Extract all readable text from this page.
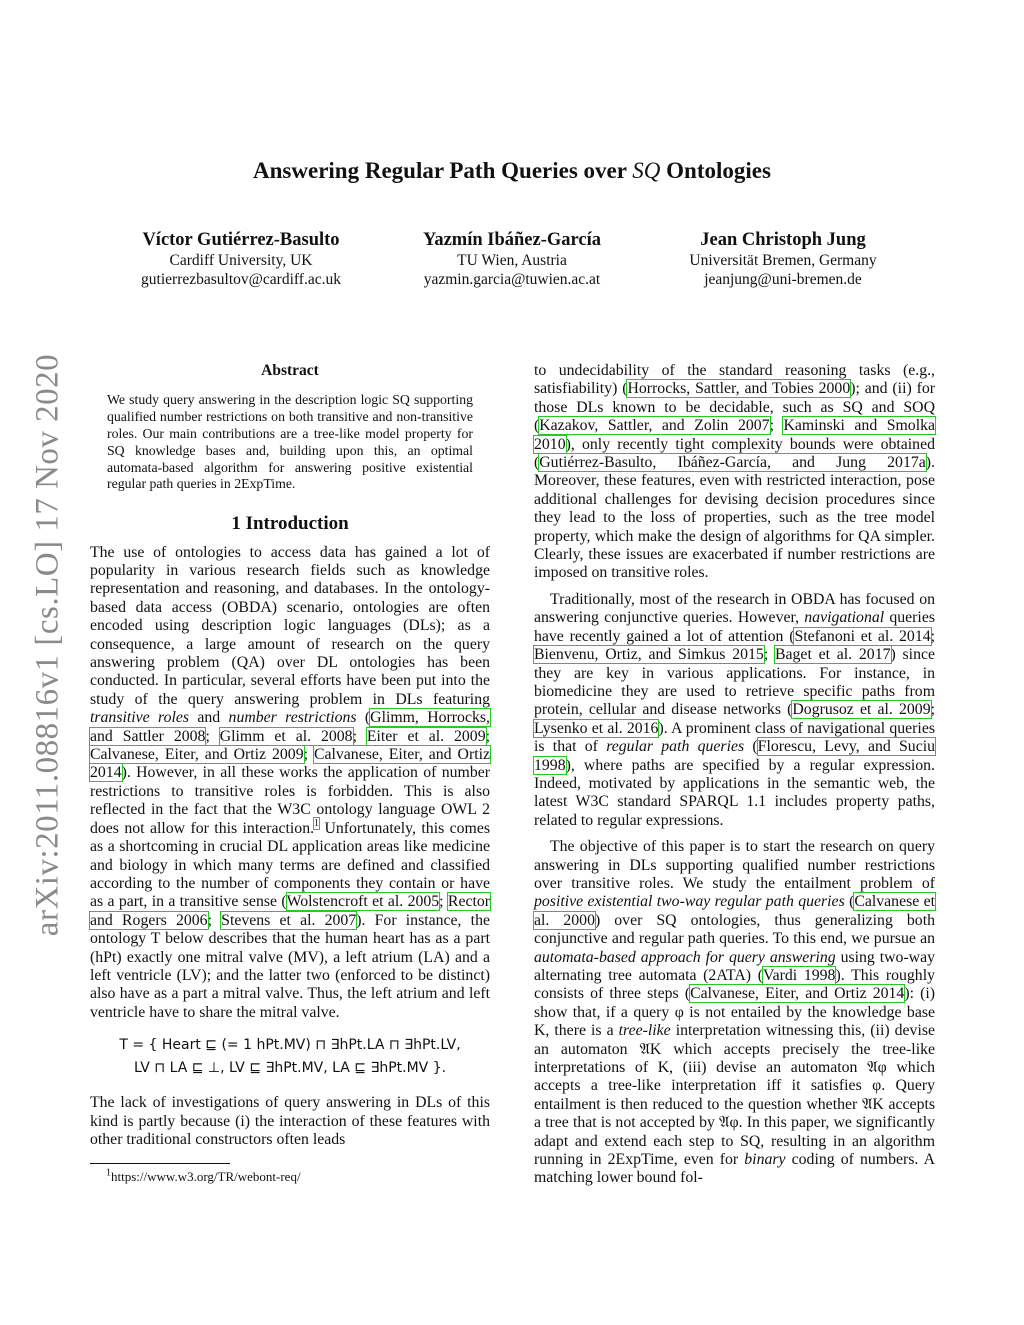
arXiv:2011.08816v1 [cs.LO] 17 Nov 2020
Answering Regular Path Queries over SQ Ontologies
Víctor Gutiérrez-Basulto
Cardiff University, UK
gutierrezbasultov@cardiff.ac.uk
Yazmín Ibáñez-García
TU Wien, Austria
yazmin.garcia@tuwien.ac.at
Jean Christoph Jung
Universität Bremen, Germany
jeanjung@uni-bremen.de
Abstract
We study query answering in the description logic SQ supporting qualified number restrictions on both transitive and non-transitive roles. Our main contributions are a tree-like model property for SQ knowledge bases and, building upon this, an optimal automata-based algorithm for answering positive existential regular path queries in 2ExpTime.
1 Introduction

The use of ontologies to access data has gained a lot of popularity in various research fields such as knowledge representation and reasoning, and databases. In the ontology-based data access (OBDA) scenario, ontologies are often encoded using description logic languages (DLs); as a consequence, a large amount of research on the query answering problem (QA) over DL ontologies has been conducted. In particular, several efforts have been put into the study of the query answering problem in DLs featuring transitive roles and number restrictions (Glimm, Horrocks, and Sattler 2008; Glimm et al. 2008; Eiter et al. 2009; Calvanese, Eiter, and Ortiz 2009; Calvanese, Eiter, and Ortiz 2014). However, in all these works the application of number restrictions to transitive roles is forbidden. This is also reflected in the fact that the W3C ontology language OWL 2 does not allow for this interaction.$^1$ Unfortunately, this comes as a shortcoming in crucial DL application areas like medicine and biology in which many terms are defined and classified according to the number of components they contain or have as a part, in a transitive sense (Wolstencroft et al. 2005; Rector and Rogers 2006; Stevens et al. 2007). For instance, the ontology T below describes that the human heart has as a part (hPt) exactly one mitral valve (MV), a left atrium (LA) and a left ventricle (LV); and the latter two (enforced to be distinct) also have as a part a mitral valve. Thus, the left atrium and left ventricle have to share the mitral valve.

T = { Heart ⊑ (= 1 hPt.MV) ⊓ ∃hPt.LA ⊓ ∃hPt.LV,
LV ⊓ LA ⊑ ⊥, LV ⊑ ∃hPt.MV, LA ⊑ ∃hPt.MV }.

The lack of investigations of query answering in DLs of this kind is partly because (i) the interaction of these features with other traditional constructors often leads

$^1$https://www.w3.org/TR/webont-req/

to undecidability of the standard reasoning tasks (e.g., satisfiability) (Horrocks, Sattler, and Tobies 2000); and (ii) for those DLs known to be decidable, such as SQ and SOQ (Kazakov, Sattler, and Zolin 2007; Kaminski and Smolka 2010), only recently tight complexity bounds were obtained (Gutiérrez-Basulto, Ibáñez-García, and Jung 2017a). Moreover, these features, even with restricted interaction, pose additional challenges for devising decision procedures since they lead to the loss of properties, such as the tree model property, which make the design of algorithms for QA simpler. Clearly, these issues are exacerbated if number restrictions are imposed on transitive roles.

Traditionally, most of the research in OBDA has focused on answering conjunctive queries. However, navigational queries have recently gained a lot of attention (Stefanoni et al. 2014; Bienvenu, Ortiz, and Simkus 2015; Baget et al. 2017) since they are key in various applications. For instance, in biomedicine they are used to retrieve specific paths from protein, cellular and disease networks (Dogrusoz et al. 2009; Lysenko et al. 2016). A prominent class of navigational queries is that of regular path queries (Florescu, Levy, and Suciu 1998), where paths are specified by a regular expression. Indeed, motivated by applications in the semantic web, the latest W3C standard SPARQL 1.1 includes property paths, related to regular expressions.

The objective of this paper is to start the research on query answering in DLs supporting qualified number restrictions over transitive roles. We study the entailment problem of positive existential two-way regular path queries (Calvanese et al. 2000) over SQ ontologies, thus generalizing both conjunctive and regular path queries. To this end, we pursue an automata-based approach for query answering using two-way alternating tree automata (2ATA) (Vardi 1998). This roughly consists of three steps (Calvanese, Eiter, and Ortiz 2014): (i) show that, if a query φ is not entailed by the knowledge base K, there is a tree-like interpretation witnessing this, (ii) devise an automaton 𝔄K which accepts precisely the tree-like interpretations of K, (iii) devise an automaton 𝔄φ which accepts a tree-like interpretation iff it satisfies φ. Query entailment is then reduced to the question whether 𝔄K accepts a tree that is not accepted by 𝔄φ. In this paper, we significantly adapt and extend each step to SQ, resulting in an algorithm running in 2ExpTime, even for binary coding of numbers. A matching lower bound fol-
